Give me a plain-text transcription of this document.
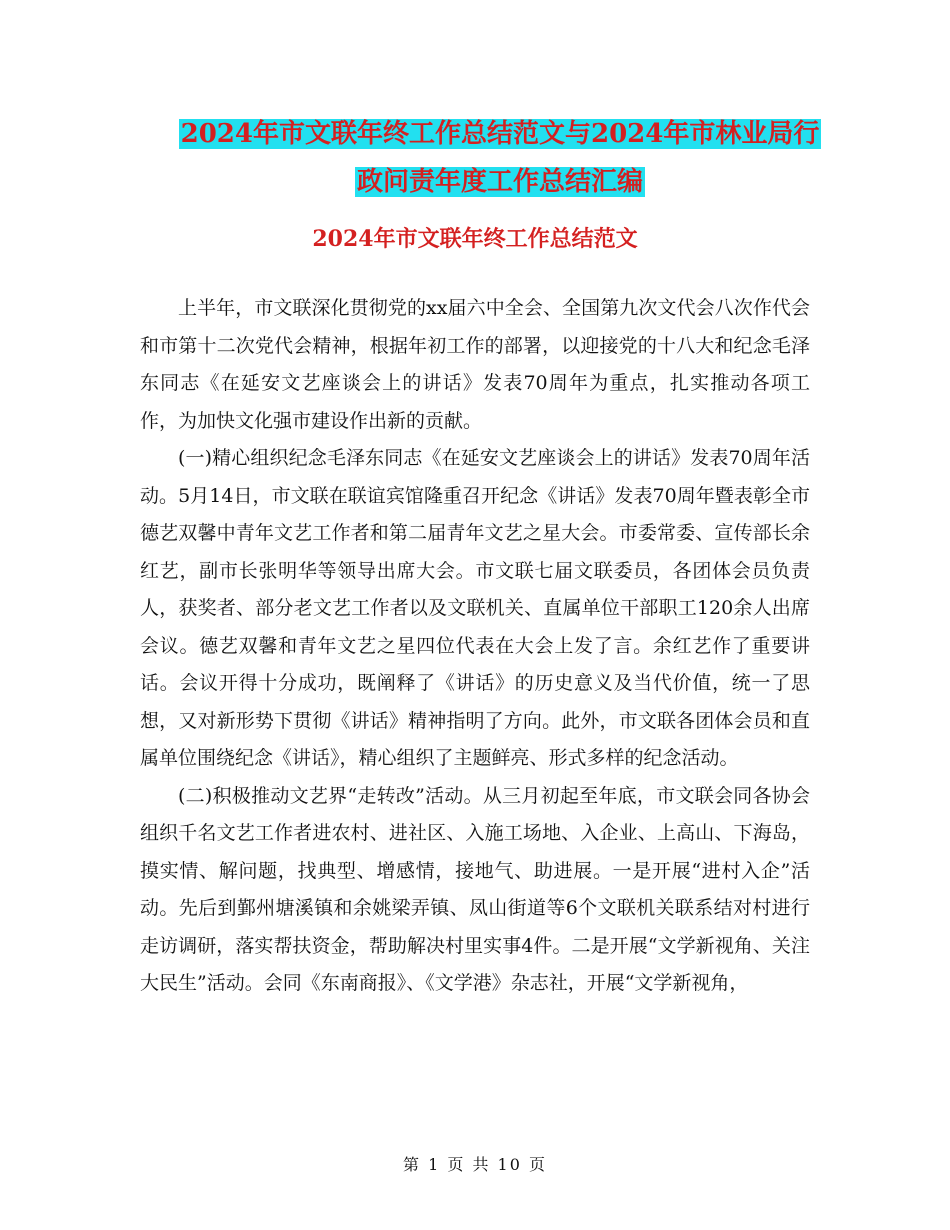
2024年市文联年终工作总结范文与2024年市林业局行
政问责年度工作总结汇编
2024年市文联年终工作总结范文

上半年，市文联深化贯彻党的xx届六中全会、全国第九次文代会八次作代会和市第十二次党代会精神，根据年初工作的部署，以迎接党的十八大和纪念毛泽东同志《在延安文艺座谈会上的讲话》发表70周年为重点，扎实推动各项工作，为加快文化强市建设作出新的贡献。

(一)精心组织纪念毛泽东同志《在延安文艺座谈会上的讲话》发表70周年活动。5月14日，市文联在联谊宾馆隆重召开纪念《讲话》发表70周年暨表彰全市德艺双馨中青年文艺工作者和第二届青年文艺之星大会。市委常委、宣传部长余红艺，副市长张明华等领导出席大会。市文联七届文联委员，各团体会员负责人，获奖者、部分老文艺工作者以及文联机关、直属单位干部职工120余人出席会议。德艺双馨和青年文艺之星四位代表在大会上发了言。余红艺作了重要讲话。会议开得十分成功，既阐释了《讲话》的历史意义及当代价值，统一了思想，又对新形势下贯彻《讲话》精神指明了方向。此外，市文联各团体会员和直属单位围绕纪念《讲话》，精心组织了主题鲜亮、形式多样的纪念活动。

(二)积极推动文艺界“走转改”活动。从三月初起至年底，市文联会同各协会组织千名文艺工作者进农村、进社区、入施工场地、入企业、上高山、下海岛，摸实情、解问题，找典型、增感情，接地气、助进展。一是开展“进村入企”活动。先后到鄞州塘溪镇和余姚梁弄镇、凤山街道等6个文联机关联系结对村进行走访调研，落实帮扶资金，帮助解决村里实事4件。二是开展“文学新视角、关注大民生”活动。会同《东南商报》、《文学港》杂志社，开展“文学新视角，

第 1 页 共 10 页
